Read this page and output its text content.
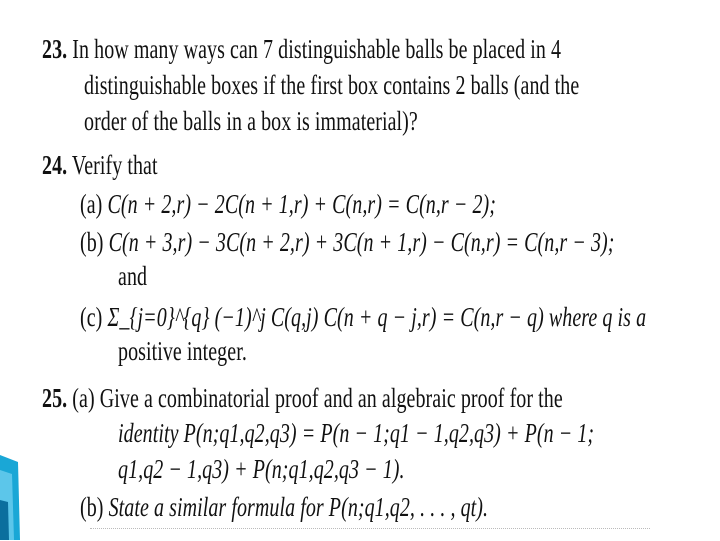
23. In how many ways can 7 distinguishable balls be placed in 4
distinguishable boxes if the first box contains 2 balls (and the
order of the balls in a box is immaterial)?
24. Verify that
(a) C(n + 2,r) − 2C(n + 1,r) + C(n,r) = C(n,r − 2);
(b) C(n + 3,r) − 3C(n + 2,r) + 3C(n + 1,r) − C(n,r) = C(n,r − 3);
and
(c) Σ_{j=0}^{q} (−1)^j C(q,j) C(n + q − j,r) = C(n,r − q) where q is a
positive integer.
25. (a) Give a combinatorial proof and an algebraic proof for the
identity P(n;q1,q2,q3) = P(n − 1;q1 − 1,q2,q3) + P(n − 1;
q1,q2 − 1,q3) + P(n;q1,q2,q3 − 1).
(b) State a similar formula for P(n;q1,q2, . . . , qt).
